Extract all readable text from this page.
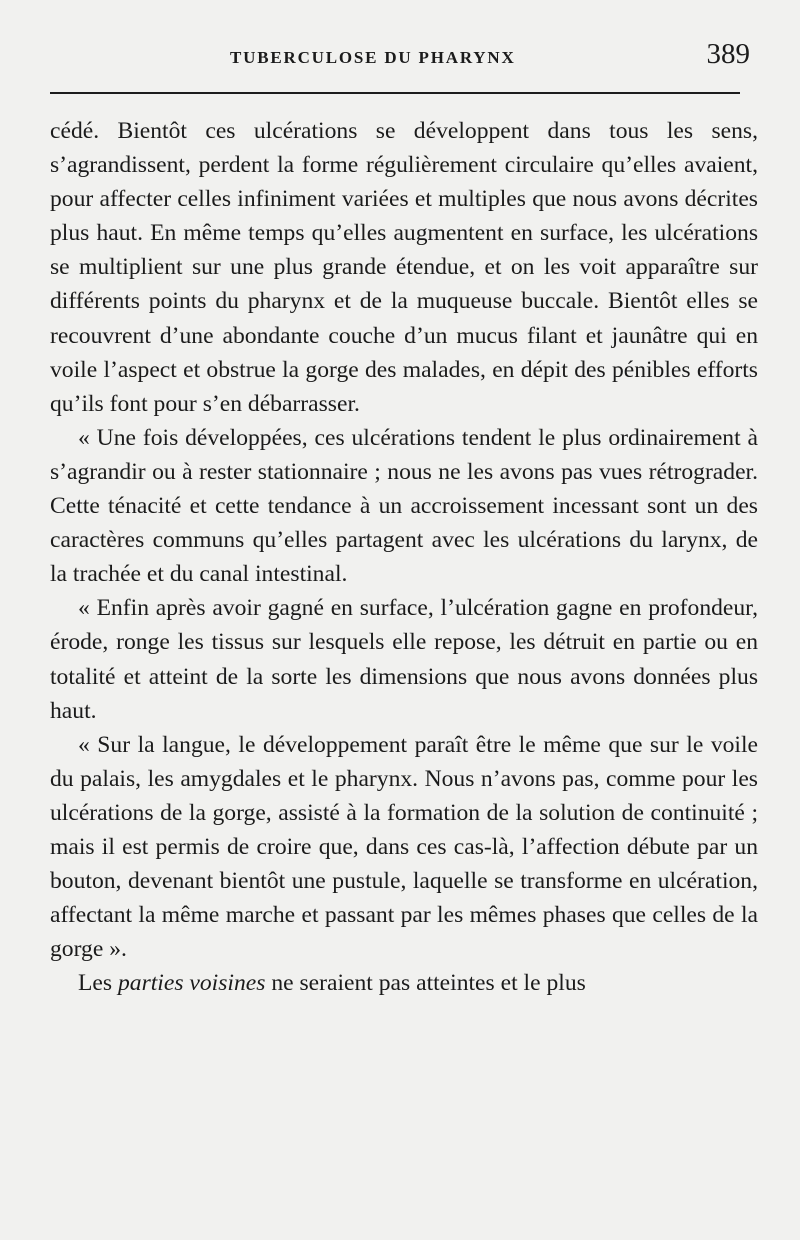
TUBERCULOSE DU PHARYNX	389

cédé. Bientôt ces ulcérations se développent dans tous les sens, s’agrandissent, perdent la forme régulièrement circulaire qu’elles avaient, pour affecter celles infiniment variées et multiples que nous avons décrites plus haut. En même temps qu’elles augmentent en surface, les ulcérations se multiplient sur une plus grande étendue, et on les voit apparaître sur différents points du pharynx et de la muqueuse buccale. Bientôt elles se recouvrent d’une abondante couche d’un mucus filant et jaunâtre qui en voile l’aspect et obstrue la gorge des malades, en dépit des pénibles efforts qu’ils font pour s’en débarrasser.

« Une fois développées, ces ulcérations tendent le plus ordinairement à s’agrandir ou à rester stationnaire ; nous ne les avons pas vues rétrograder. Cette ténacité et cette tendance à un accroissement incessant sont un des caractères communs qu’elles partagent avec les ulcérations du larynx, de la trachée et du canal intestinal.

« Enfin après avoir gagné en surface, l’ulcération gagne en profondeur, érode, ronge les tissus sur lesquels elle repose, les détruit en partie ou en totalité et atteint de la sorte les dimensions que nous avons données plus haut.

« Sur la langue, le développement paraît être le même que sur le voile du palais, les amygdales et le pharynx. Nous n’avons pas, comme pour les ulcérations de la gorge, assisté à la formation de la solution de continuité ; mais il est permis de croire que, dans ces cas-là, l’affection débute par un bouton, devenant bientôt une pustule, laquelle se transforme en ulcération, affectant la même marche et passant par les mêmes phases que celles de la gorge ».

Les parties voisines ne seraient pas atteintes et le plus
